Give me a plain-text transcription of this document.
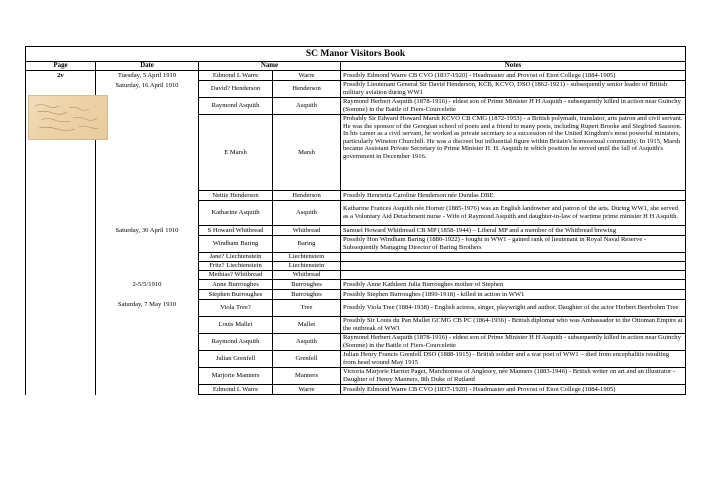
SC Manor Visitors Book				
Page	Date	Name		Notes

2v	Tuesday, 5 April 1910	Edmond L Warre	Warre	Possibly Edmond Warre CB CVO (1837-1920) - Headmaster and Provost of Eton College (1884-1905)

Saturday, 16 April 1910	David? Henderson	Henderson	Possibly Lieutenant General Sir David Henderson, KCB, KCVO, DSO (1862-1921) - subsequently senior leader of British military aviation during WW1
		Raymond Asquith	Asquith	Raymond Herbert Asquith (1878-1916) - eldest son of Prime Minister H H Asquith - subsequently killed in action near Guinchy (Somme) in the Battle of Fiers-Courcelette
		E Marsh	Marsh	Probably Sir Edward Howard Marsh KCVO CB CMG (1872-1953) - a British polymath, translator, arts patron and civil servant. He was the sponsor of the Georgian school of poets and a friend to many poets, including Rupert Brooke and Siegfried Sassoon. In his career as a civil servant, he worked as private secretary to a succession of the United Kingdom's most powerful ministers, particularly Winston Churchill. He was a discreet but influential figure within Britain's homosexual community. In 1915, Marsh became Assistant Private Secretary to Prime Minister H. H. Asquith in which position he served until the fall of Asquith's government in December 1916.
		Nettie Henderson	Henderson	Possibly Henrietta Caroline Henderson née Dundas DBE
		Katharine Asquith	Asquith	Katharine Frances Asquith née Horner (1885-1976) was an English landowner and patron of the arts. During WW1, she served as a Voluntary Aid Detachment nurse - Wife of Raymond Asquith and daughter-in-law of wartime prime minister H H Asquith.

	Saturday, 30 April 1910	S Howard Whitbread	Whitbread	Samuel Howard Whitbread CB MP (1858-1944) – Liberal MP and a member of the Whitbread brewing
		Windham Baring	Baring	Possibly Hon Windham Baring (1880-1922) - fought in WW1 - gained rank of lieutenant in Royal Naval Reserve - Subsequently Managing Director of Baring Brothers
		Jane? Liechtenstein	Liechtenstein	
		Fritz? Liechtenstein	Liechtenstein	
		Methias? Whitbread	Whitbread	

	2-5/5/1910	Anne Burroughes	Burroughes	Possibly Anne Kathleen Julia Burroughes mother of Stephen
		Stephen Burroughes	Burroughes	Possibly Stephen Burroughes (1899-1918) - killed in action in WW1

	Saturday, 7 May 1910	Viola Tree?	Tree	Possibly Viola Tree (1884-1938) - English actress, singer, playwright and author. Daughter of the actor Herbert Beerbohm Tree
		Louis Mallet	Mallet	Possibly Sir Louis du Pan Mallet GCMG CB PC (1864-1936) - British diplomat who was Ambassador to the Ottoman Empire at the outbreak of WW1
		Raymond Asquith	Asquith	Raymond Herbert Asquith (1878-1916) - eldest son of Prime Minister H H Asquith - subsequently killed in action near Guinchy (Somme) in the Battle of Fiers-Courcelette
		Julian Grenfell	Grenfell	Julian Henry Francis Grenfell DSO (1888-1915) - British soldier and a war poet of WW1 – died from encephalitis resulting from head wound May 1915
		Marjorie Manners	Manners	Victoria Marjorie Harriet Paget, Marchioness of Anglesey, née Manners (1883-1946) - British writer on art and an illustrator - Daughter of Henry Manners, 8th Duke of Rutland
		Edmond L Warre	Warre	Possibly Edmond Warre CB CVO (1837-1920) - Headmaster and Provost of Eton College (1884-1905)
